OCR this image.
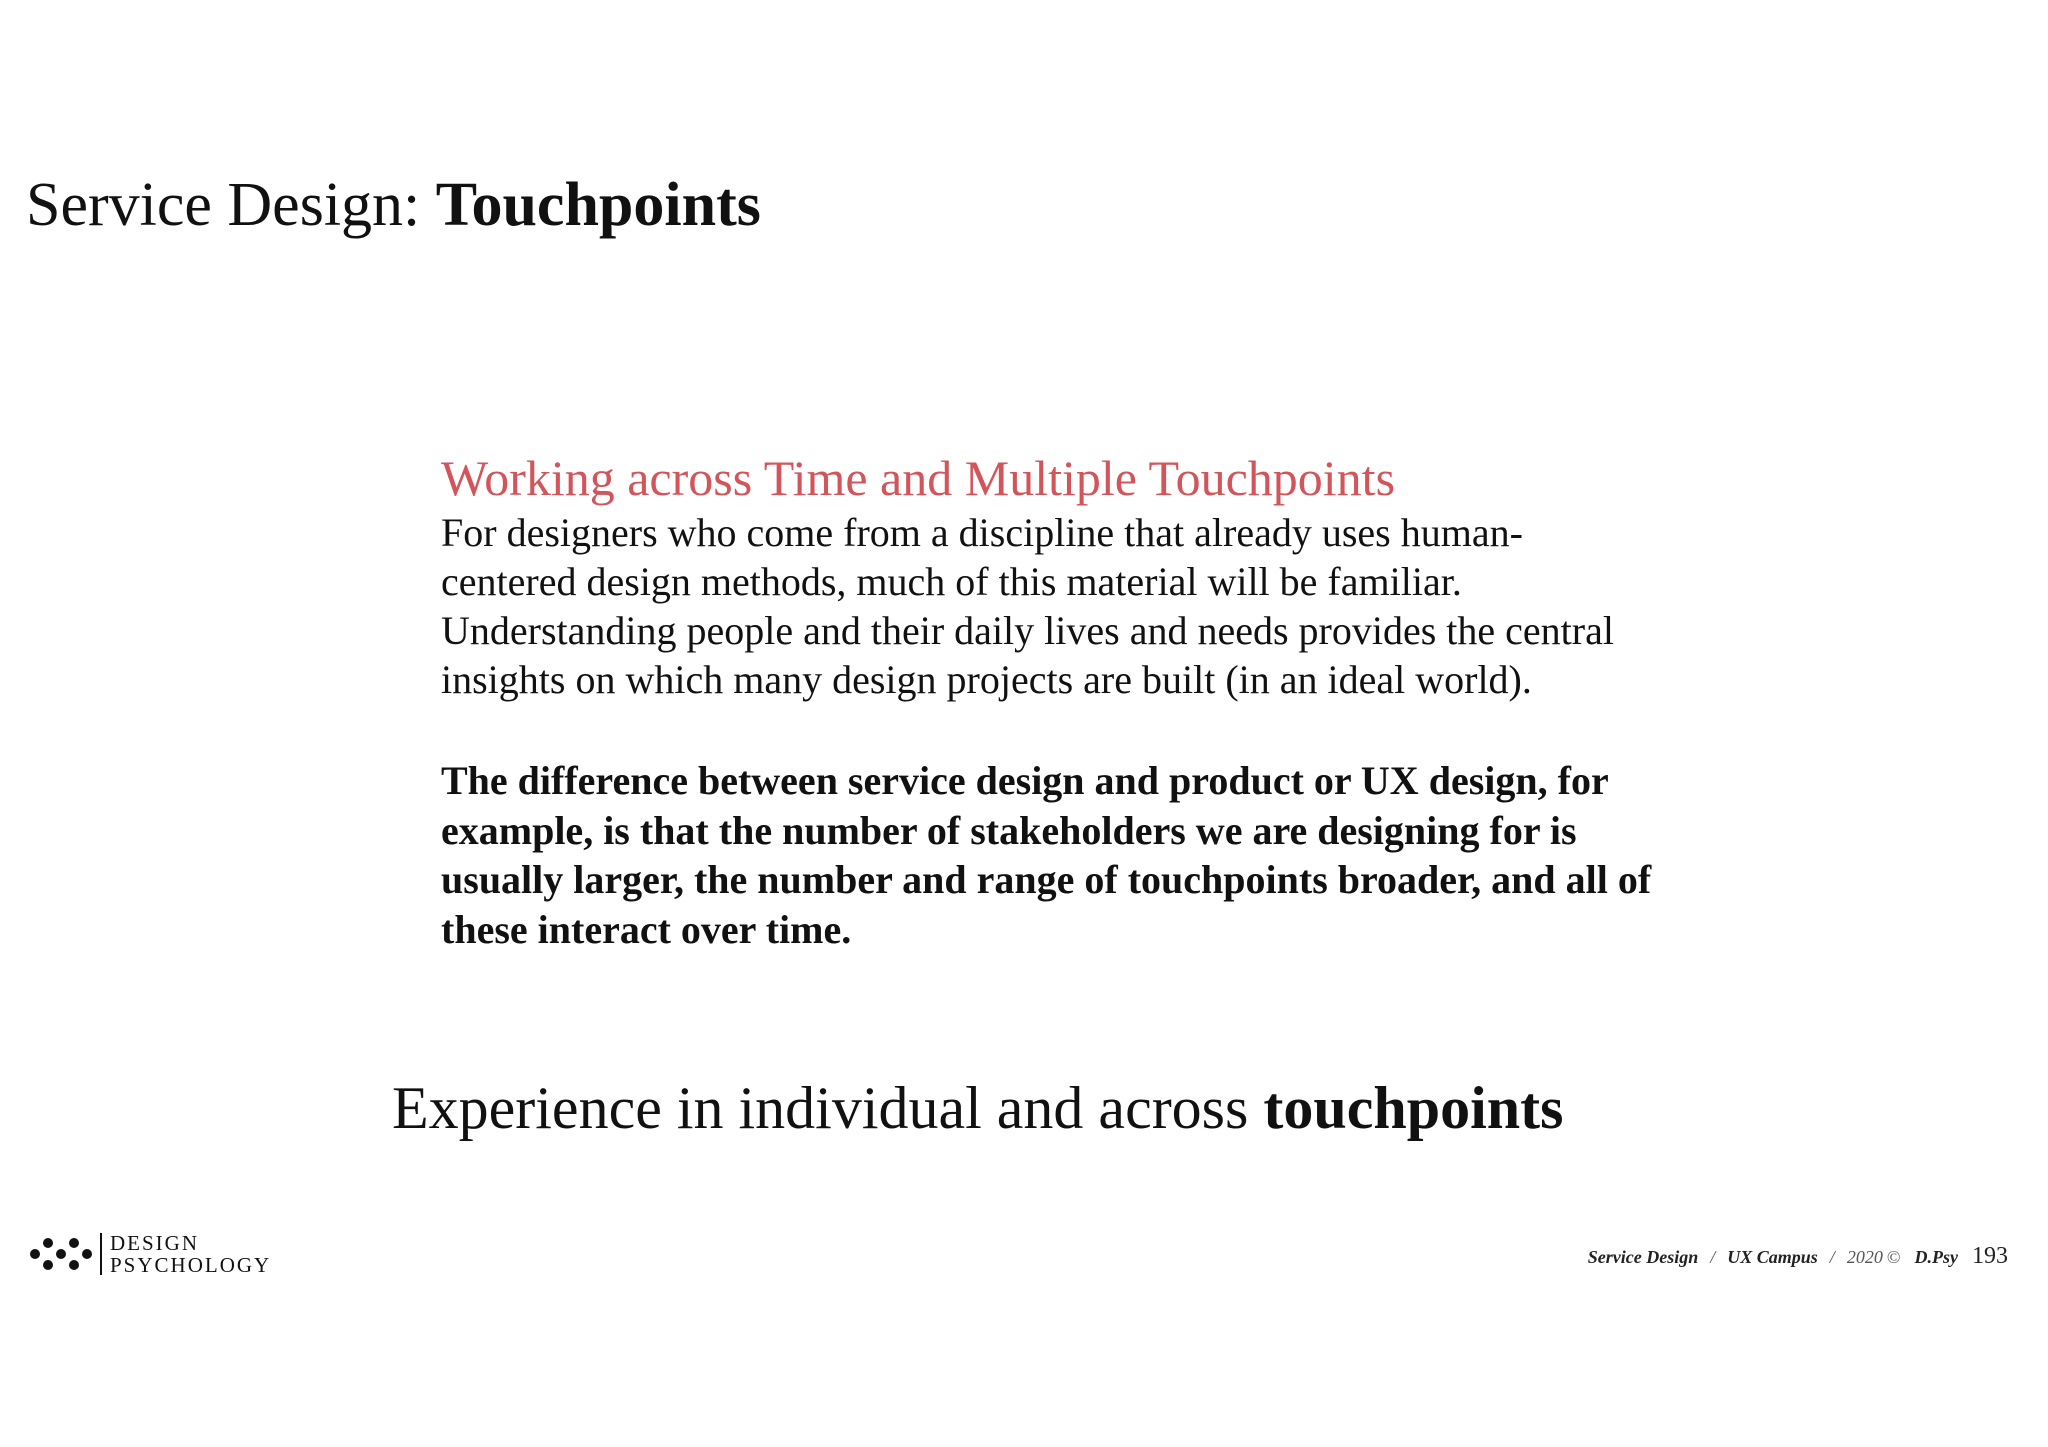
Service Design: Touchpoints
Working across Time and Multiple Touchpoints

For designers who come from a discipline that already uses human-centered design methods, much of this material will be familiar. Understanding people and their daily lives and needs provides the central insights on which many design projects are built (in an ideal world).

The difference between service design and product or UX design, for example, is that the number of stakeholders we are designing for is usually larger, the number and range of touchpoints broader, and all of these interact over time.

Experience in individual and across touchpoints

DESIGN
PSYCHOLOGY	Service Design / UX Campus / 2020 © D.Psy 193
